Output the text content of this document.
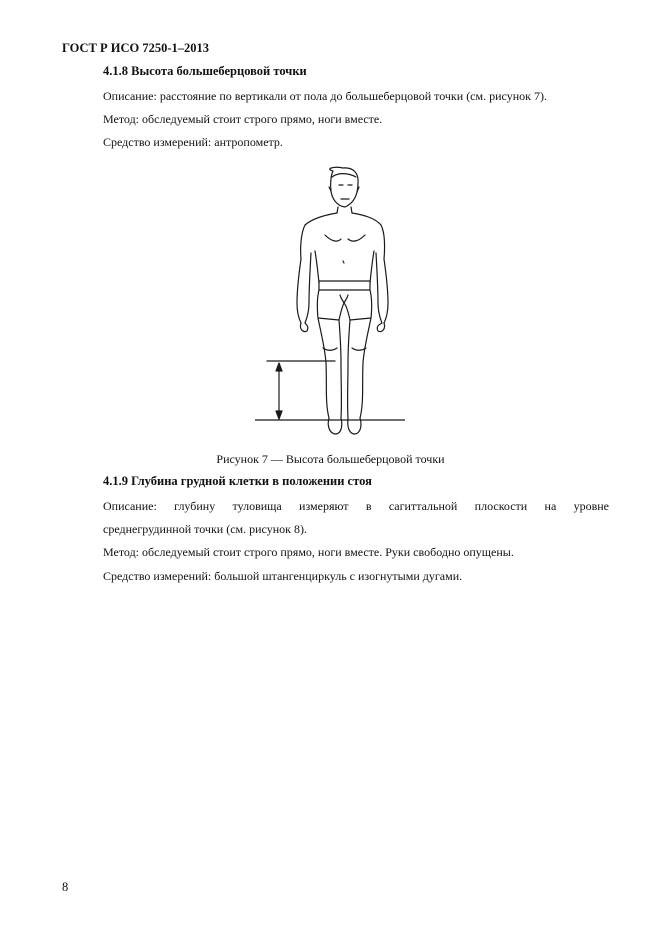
ГОСТ Р ИСО 7250-1–2013
4.1.8 Высота большеберцовой точки
Описание: расстояние по вертикали от пола до большеберцовой точки (см. рисунок 7).
Метод: обследуемый стоит строго прямо, ноги вместе.
Средство измерений: антропометр.
Рисунок 7 — Высота большеберцовой точки
4.1.9 Глубина грудной клетки в положении стоя
Описание: глубину туловища измеряют в сагиттальной плоскости на уровне
среднегрудинной точки (см. рисунок 8).
Метод: обследуемый стоит строго прямо, ноги вместе. Руки свободно опущены.
Средство измерений: большой штангенциркуль с изогнутыми дугами.
8
